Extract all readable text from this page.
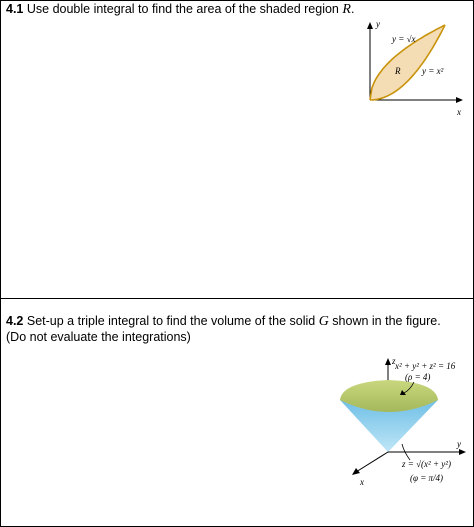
4.1 Use double integral to find the area of the shaded region R.
y
x
y = √x
R y = x²
4.2 Set-up a triple integral to find the volume of the solid G shown in the figure.
(Do not evaluate the integrations)
z
y
x
x² + y² + z² = 16
(ρ = 4)
z = √(x² + y²)
(φ = π/4)
